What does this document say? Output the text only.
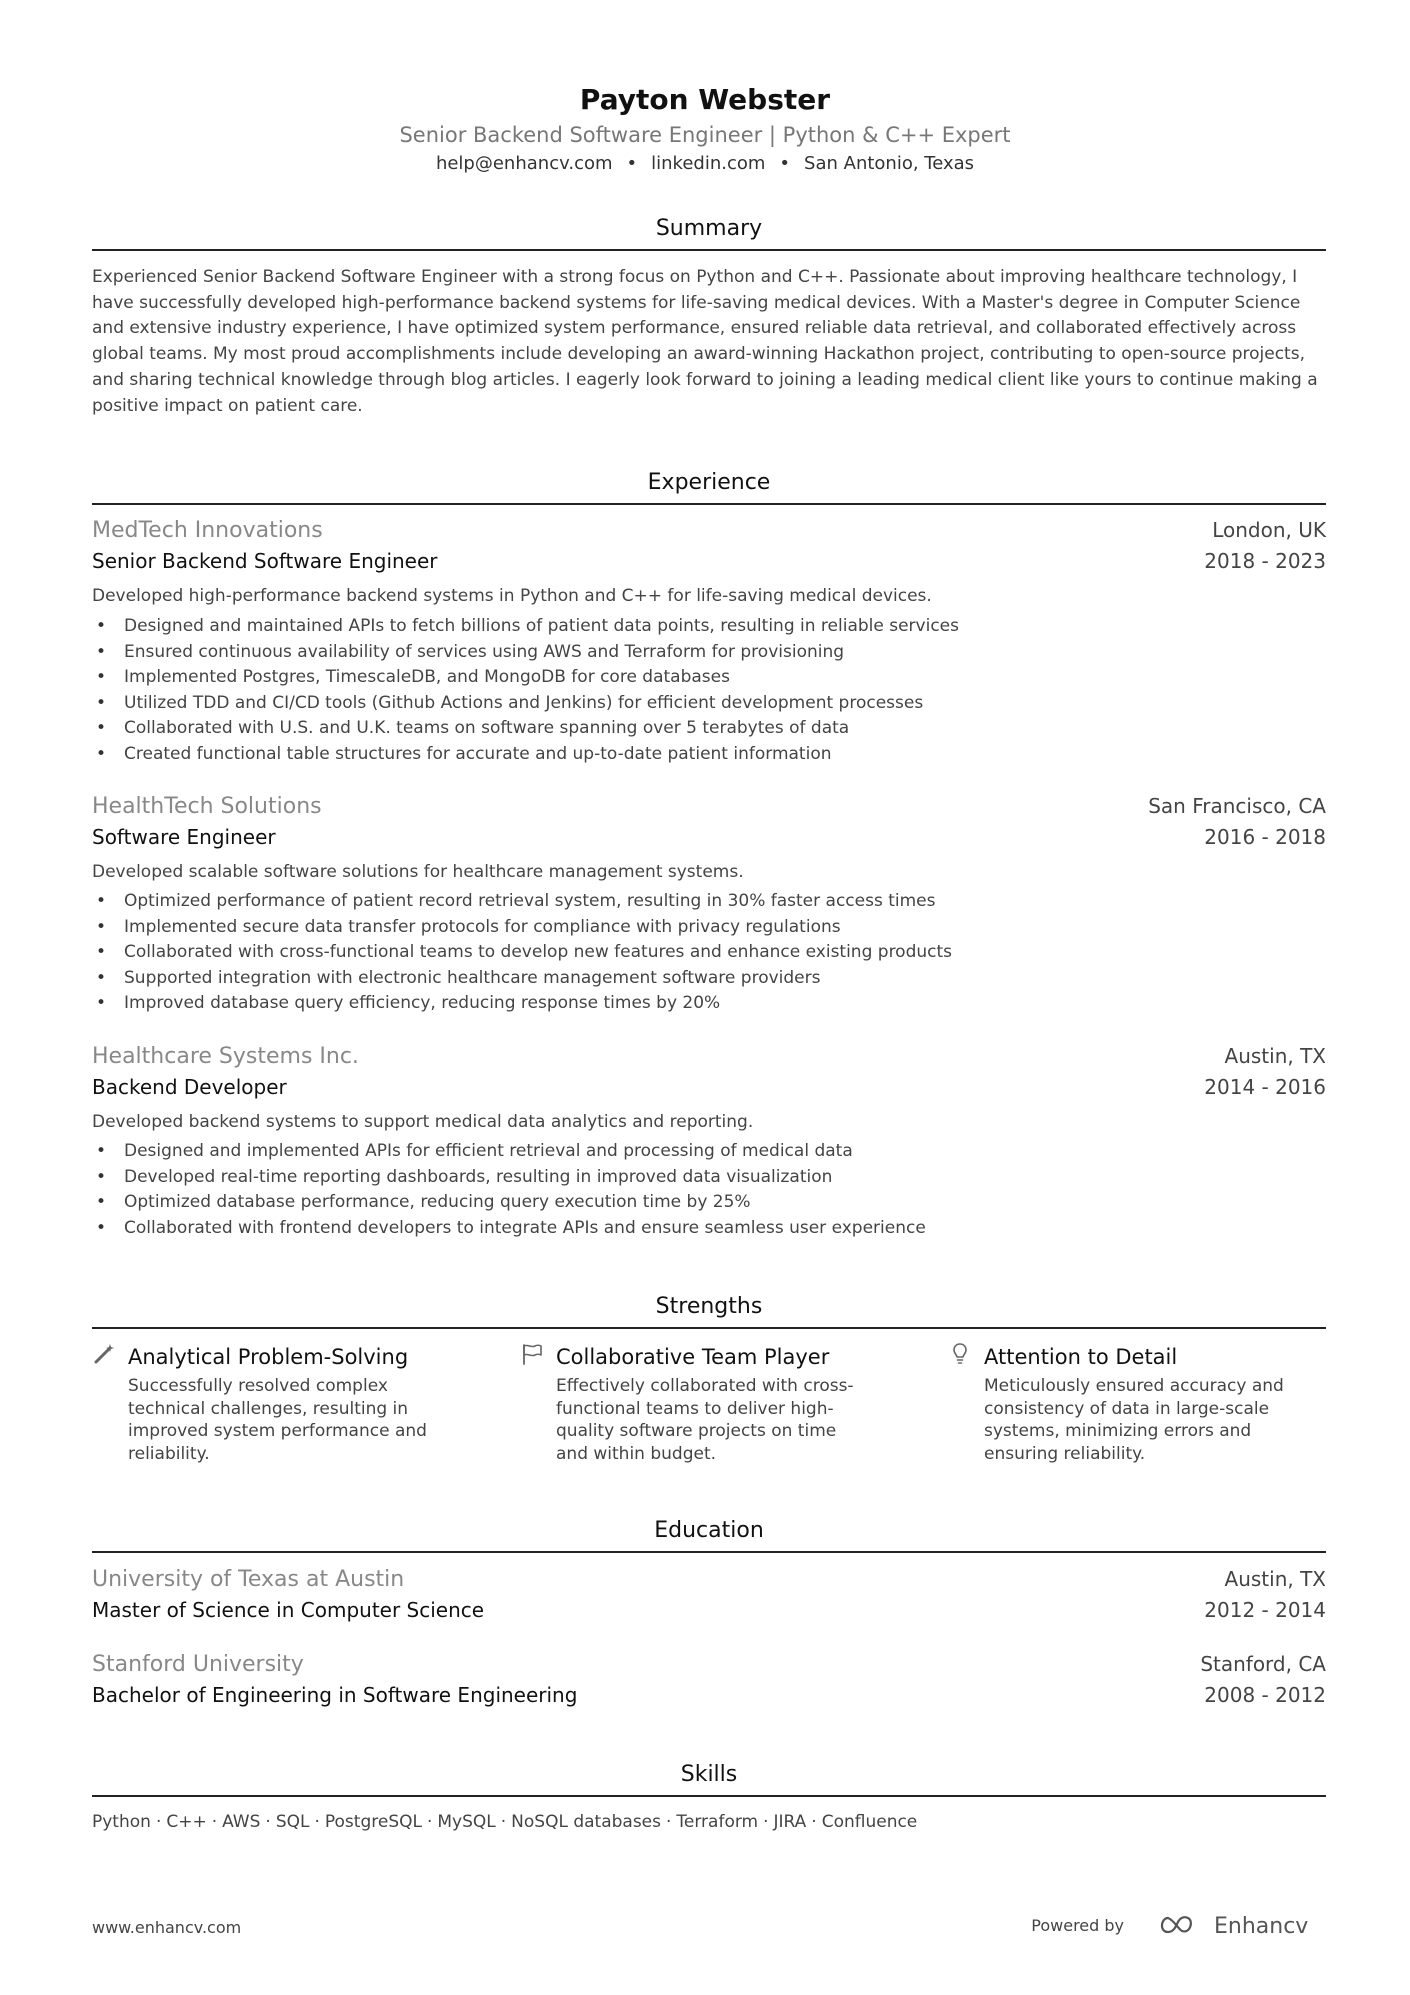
Payton Webster
Senior Backend Software Engineer | Python & C++ Expert
help@enhancv.com • linkedin.com • San Antonio, Texas
Summary
Experienced Senior Backend Software Engineer with a strong focus on Python and C++. Passionate about improving healthcare technology, I have successfully developed high-performance backend systems for life-saving medical devices. With a Master's degree in Computer Science and extensive industry experience, I have optimized system performance, ensured reliable data retrieval, and collaborated effectively across global teams. My most proud accomplishments include developing an award-winning Hackathon project, contributing to open-source projects, and sharing technical knowledge through blog articles. I eagerly look forward to joining a leading medical client like yours to continue making a positive impact on patient care.
Experience
MedTech Innovations	London, UK
Senior Backend Software Engineer	2018 - 2023
Developed high-performance backend systems in Python and C++ for life-saving medical devices.
• Designed and maintained APIs to fetch billions of patient data points, resulting in reliable services
• Ensured continuous availability of services using AWS and Terraform for provisioning
• Implemented Postgres, TimescaleDB, and MongoDB for core databases
• Utilized TDD and CI/CD tools (Github Actions and Jenkins) for efficient development processes
• Collaborated with U.S. and U.K. teams on software spanning over 5 terabytes of data
• Created functional table structures for accurate and up-to-date patient information
HealthTech Solutions	San Francisco, CA
Software Engineer	2016 - 2018
Developed scalable software solutions for healthcare management systems.
• Optimized performance of patient record retrieval system, resulting in 30% faster access times
• Implemented secure data transfer protocols for compliance with privacy regulations
• Collaborated with cross-functional teams to develop new features and enhance existing products
• Supported integration with electronic healthcare management software providers
• Improved database query efficiency, reducing response times by 20%
Healthcare Systems Inc.	Austin, TX
Backend Developer	2014 - 2016
Developed backend systems to support medical data analytics and reporting.
• Designed and implemented APIs for efficient retrieval and processing of medical data
• Developed real-time reporting dashboards, resulting in improved data visualization
• Optimized database performance, reducing query execution time by 25%
• Collaborated with frontend developers to integrate APIs and ensure seamless user experience
Strengths
Analytical Problem-Solving
Successfully resolved complex technical challenges, resulting in improved system performance and reliability.
Collaborative Team Player
Effectively collaborated with cross-functional teams to deliver high-quality software projects on time and within budget.
Attention to Detail
Meticulously ensured accuracy and consistency of data in large-scale systems, minimizing errors and ensuring reliability.
Education
University of Texas at Austin	Austin, TX
Master of Science in Computer Science	2012 - 2014
Stanford University	Stanford, CA
Bachelor of Engineering in Software Engineering	2008 - 2012
Skills
Python · C++ · AWS · SQL · PostgreSQL · MySQL · NoSQL databases · Terraform · JIRA · Confluence
www.enhancv.com	Powered by	Enhancv
